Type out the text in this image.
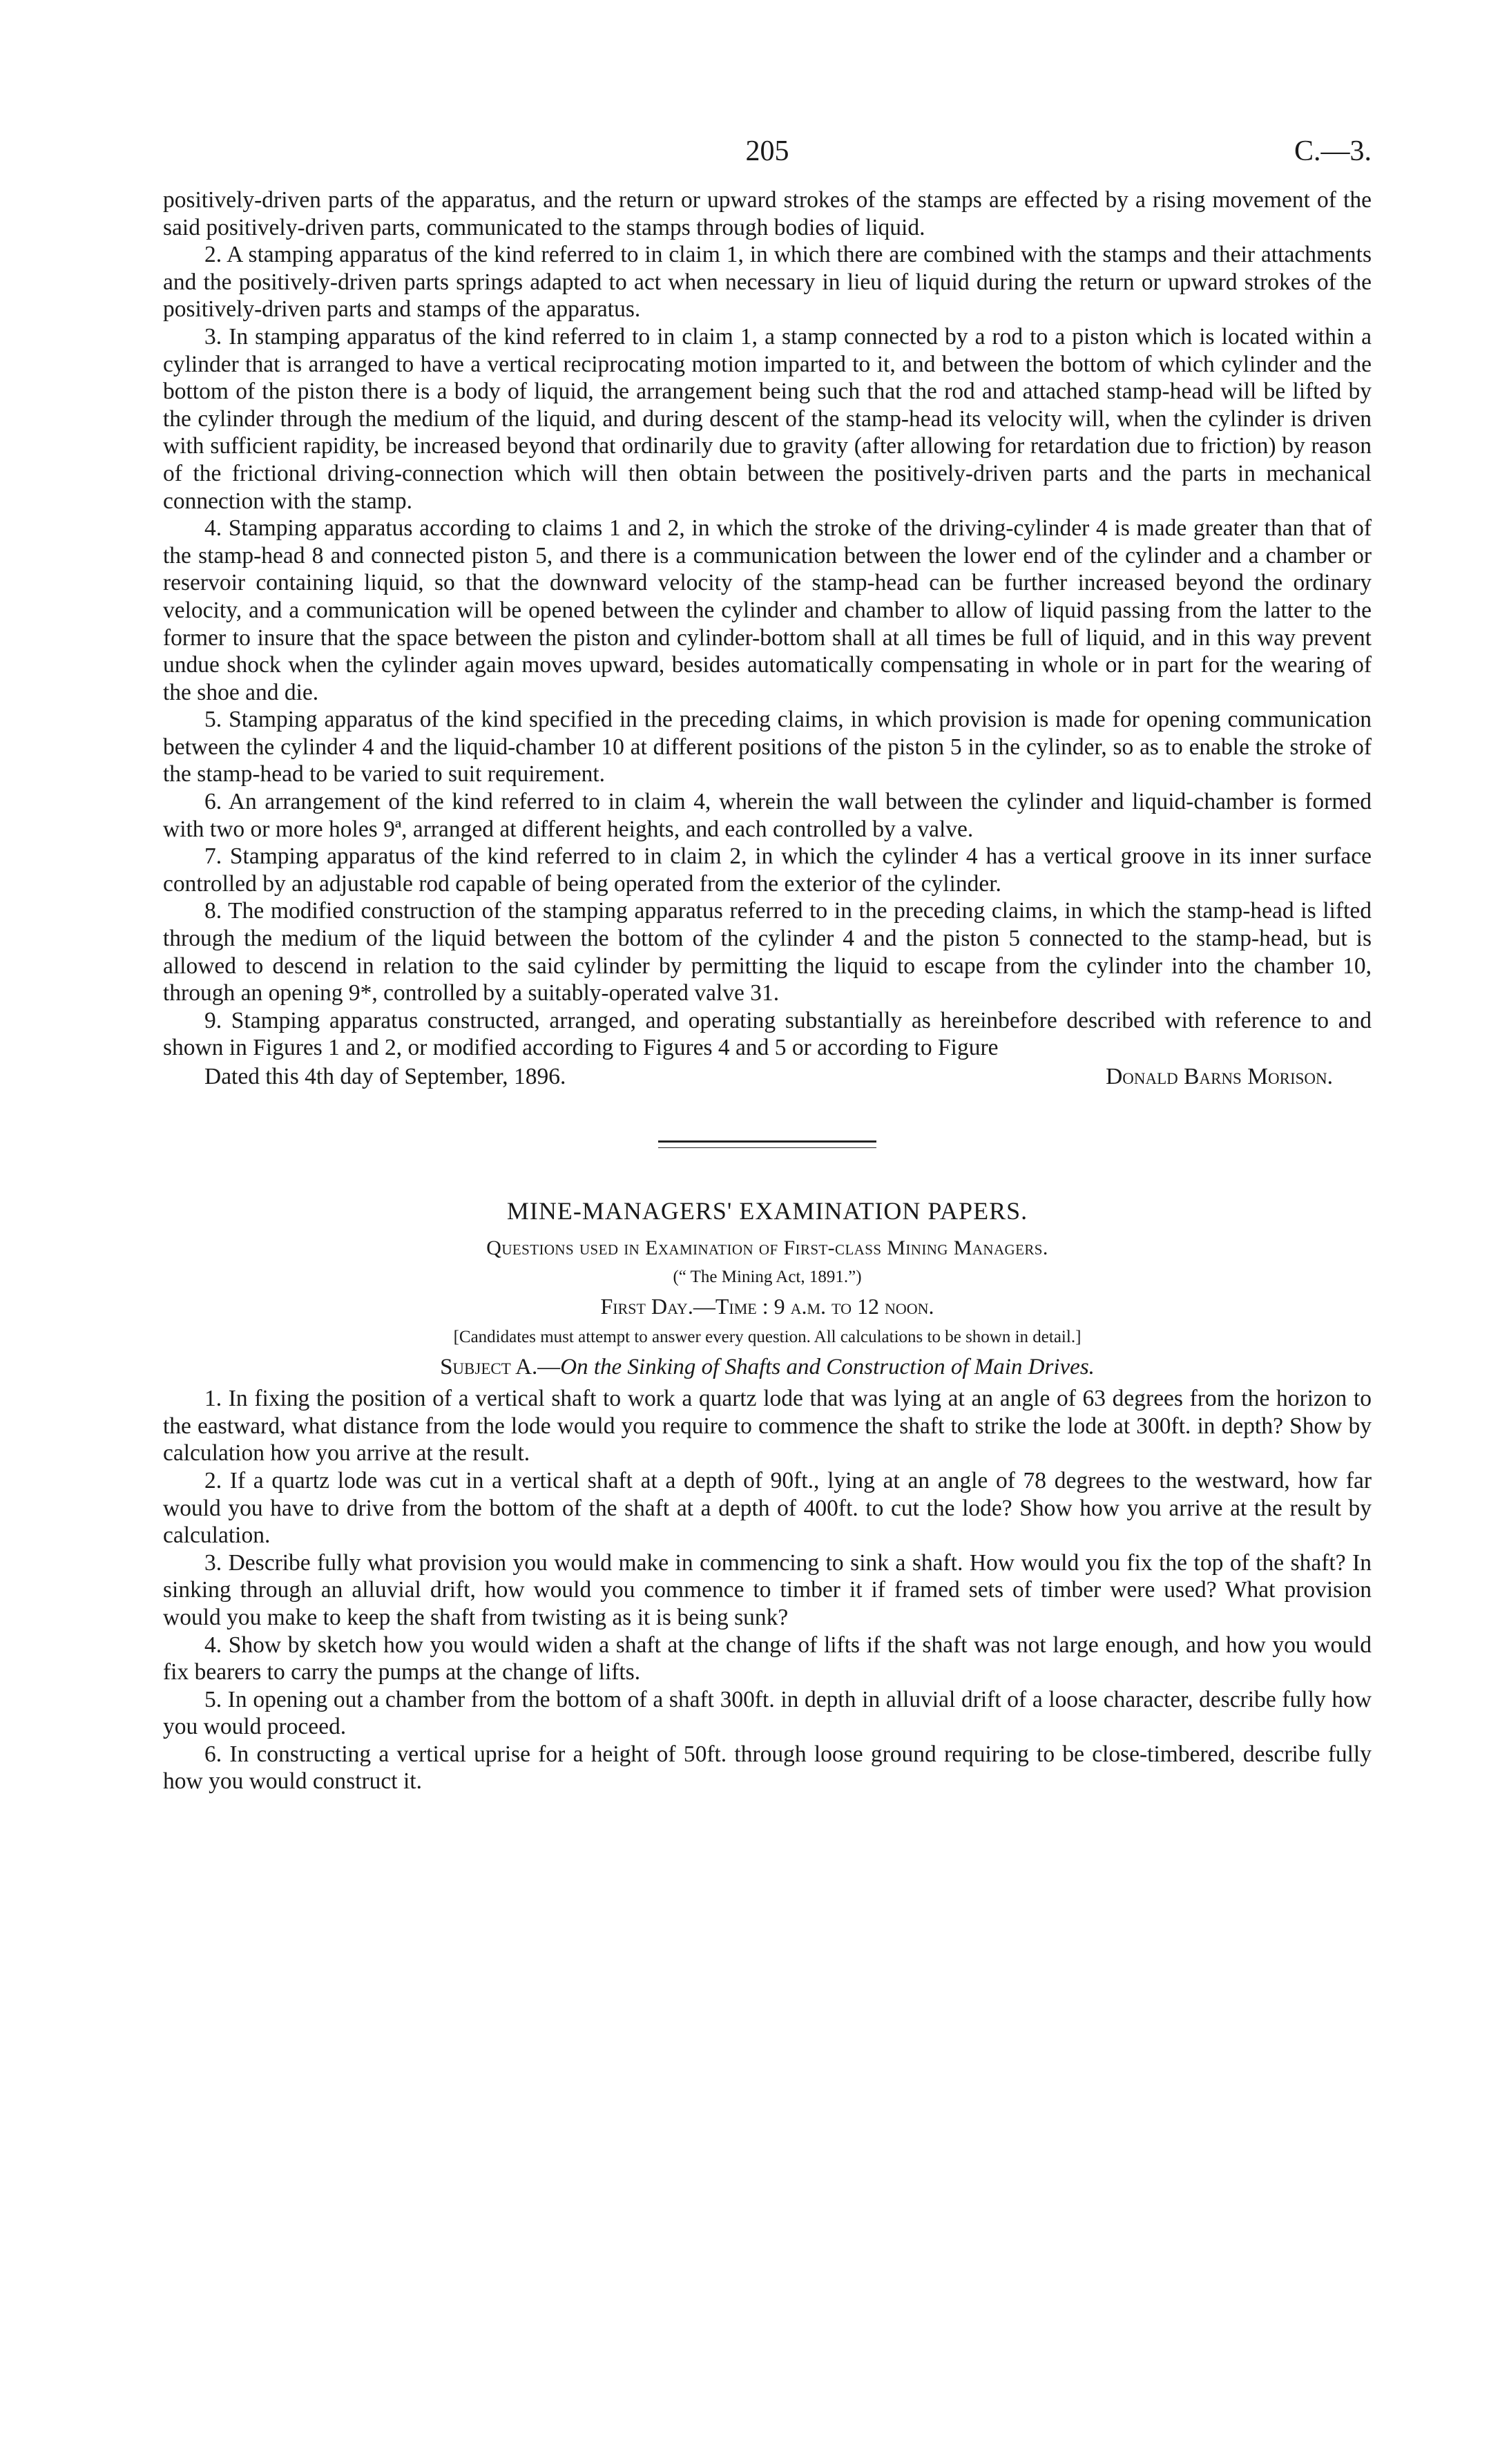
205	C.—3.

positively-driven parts of the apparatus, and the return or upward strokes of the stamps are effected by a rising movement of the said positively-driven parts, communicated to the stamps through bodies of liquid.

2. A stamping apparatus of the kind referred to in claim 1, in which there are combined with the stamps and their attachments and the positively-driven parts springs adapted to act when necessary in lieu of liquid during the return or upward strokes of the positively-driven parts and stamps of the apparatus.

3. In stamping apparatus of the kind referred to in claim 1, a stamp connected by a rod to a piston which is located within a cylinder that is arranged to have a vertical reciprocating motion imparted to it, and between the bottom of which cylinder and the bottom of the piston there is a body of liquid, the arrangement being such that the rod and attached stamp-head will be lifted by the cylinder through the medium of the liquid, and during descent of the stamp-head its velocity will, when the cylinder is driven with sufficient rapidity, be increased beyond that ordinarily due to gravity (after allowing for retardation due to friction) by reason of the frictional driving-connection which will then obtain between the positively-driven parts and the parts in mechanical connection with the stamp.

4. Stamping apparatus according to claims 1 and 2, in which the stroke of the driving-cylinder 4 is made greater than that of the stamp-head 8 and connected piston 5, and there is a communication between the lower end of the cylinder and a chamber or reservoir containing liquid, so that the downward velocity of the stamp-head can be further increased beyond the ordinary velocity, and a communication will be opened between the cylinder and chamber to allow of liquid passing from the latter to the former to insure that the space between the piston and cylinder-bottom shall at all times be full of liquid, and in this way prevent undue shock when the cylinder again moves upward, besides automatically compensating in whole or in part for the wearing of the shoe and die.

5. Stamping apparatus of the kind specified in the preceding claims, in which provision is made for opening communication between the cylinder 4 and the liquid-chamber 10 at different positions of the piston 5 in the cylinder, so as to enable the stroke of the stamp-head to be varied to suit requirement.

6. An arrangement of the kind referred to in claim 4, wherein the wall between the cylinder and liquid-chamber is formed with two or more holes 9ª, arranged at different heights, and each controlled by a valve.

7. Stamping apparatus of the kind referred to in claim 2, in which the cylinder 4 has a vertical groove in its inner surface controlled by an adjustable rod capable of being operated from the exterior of the cylinder.

8. The modified construction of the stamping apparatus referred to in the preceding claims, in which the stamp-head is lifted through the medium of the liquid between the bottom of the cylinder 4 and the piston 5 connected to the stamp-head, but is allowed to descend in relation to the said cylinder by permitting the liquid to escape from the cylinder into the chamber 10, through an opening 9*, controlled by a suitably-operated valve 31.

9. Stamping apparatus constructed, arranged, and operating substantially as hereinbefore described with reference to and shown in Figures 1 and 2, or modified according to Figures 4 and 5 or according to Figure

Dated this 4th day of September, 1896.	Donald Barns Morison.
MINE-MANAGERS' EXAMINATION PAPERS.
Questions used in Examination of First-class Mining Managers.
(“ The Mining Act, 1891.”)
First Day.—Time : 9 a.m. to 12 noon.
[Candidates must attempt to answer every question. All calculations to be shown in detail.]
Subject A.—On the Sinking of Shafts and Construction of Main Drives.

1. In fixing the position of a vertical shaft to work a quartz lode that was lying at an angle of 63 degrees from the horizon to the eastward, what distance from the lode would you require to commence the shaft to strike the lode at 300ft. in depth? Show by calculation how you arrive at the result.

2. If a quartz lode was cut in a vertical shaft at a depth of 90ft., lying at an angle of 78 degrees to the westward, how far would you have to drive from the bottom of the shaft at a depth of 400ft. to cut the lode? Show how you arrive at the result by calculation.

3. Describe fully what provision you would make in commencing to sink a shaft. How would you fix the top of the shaft? In sinking through an alluvial drift, how would you commence to timber it if framed sets of timber were used? What provision would you make to keep the shaft from twisting as it is being sunk?

4. Show by sketch how you would widen a shaft at the change of lifts if the shaft was not large enough, and how you would fix bearers to carry the pumps at the change of lifts.

5. In opening out a chamber from the bottom of a shaft 300ft. in depth in alluvial drift of a loose character, describe fully how you would proceed.

6. In constructing a vertical uprise for a height of 50ft. through loose ground requiring to be close-timbered, describe fully how you would construct it.
